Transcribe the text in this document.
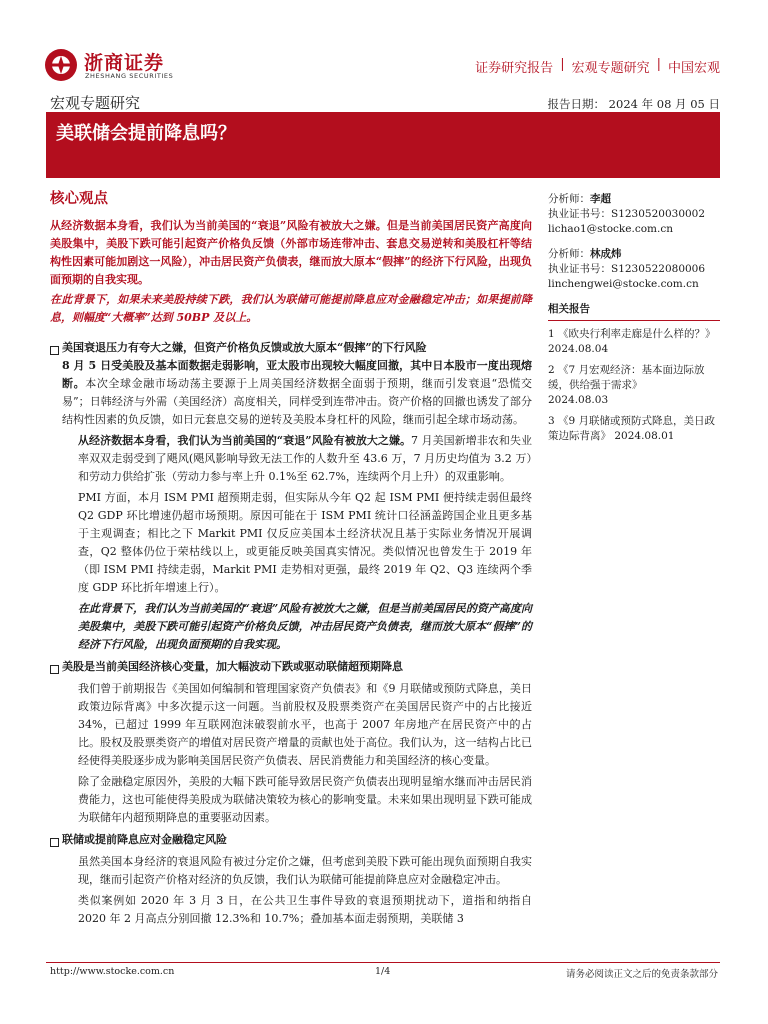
浙商证券
ZHESHANG SECURITIES	证券研究报告 | 宏观专题研究 | 中国宏观
宏观专题研究	报告日期： 2024 年 08 月 05 日
美联储会提前降息吗？
核心观点

从经济数据本身看，我们认为当前美国的“衰退”风险有被放大之嫌。但是当前美国居民资产高度向美股集中，美股下跌可能引起资产价格负反馈（外部市场连带冲击、套息交易逆转和美股杠杆等结构性因素可能加剧这一风险），冲击居民资产负债表，继而放大原本“假摔”的经济下行风险，出现负面预期的自我实现。

在此背景下，如果未来美股持续下跌，我们认为联储可能提前降息应对金融稳定冲击；如果提前降息，则幅度“大概率”达到 50BP 及以上。

美国衰退压力有夸大之嫌，但资产价格负反馈或放大原本“假摔”的下行风险

8 月 5 日受美股及基本面数据走弱影响，亚太股市出现较大幅度回撤，其中日本股市一度出现熔断。本次全球金融市场动荡主要源于上周美国经济数据全面弱于预期，继而引发衰退“恐慌交易”；日韩经济与外需（美国经济）高度相关，同样受到连带冲击。资产价格的回撤也诱发了部分结构性因素的负反馈，如日元套息交易的逆转及美股本身杠杆的风险，继而引起全球市场动荡。

从经济数据本身看，我们认为当前美国的“衰退”风险有被放大之嫌。7 月美国新增非农和失业率双双走弱受到了飓风(飓风影响导致无法工作的人数升至 43.6 万，7 月历史均值为 3.2 万）和劳动力供给扩张（劳动力参与率上升 0.1%至 62.7%，连续两个月上升）的双重影响。

PMI 方面，本月 ISM PMI 超预期走弱，但实际从今年 Q2 起 ISM PMI 便持续走弱但最终 Q2 GDP 环比增速仍超市场预期。原因可能在于 ISM PMI 统计口径涵盖跨国企业且更多基于主观调查；相比之下 Markit PMI 仅反应美国本土经济状况且基于实际业务情况开展调查，Q2 整体仍位于荣枯线以上，或更能反映美国真实情况。类似情况也曾发生于 2019 年（即 ISM PMI 持续走弱，Markit PMI 走势相对更强，最终 2019 年 Q2、Q3 连续两个季度 GDP 环比折年增速上行）。

在此背景下，我们认为当前美国的“衰退”风险有被放大之嫌，但是当前美国居民的资产高度向美股集中，美股下跌可能引起资产价格负反馈，冲击居民资产负债表，继而放大原本“假摔”的经济下行风险，出现负面预期的自我实现。

美股是当前美国经济核心变量，加大幅波动下跌或驱动联储超预期降息

我们曾于前期报告《美国如何编制和管理国家资产负债表》和《9 月联储或预防式降息，美日政策边际背离》中多次提示这一问题。当前股权及股票类资产在美国居民资产中的占比接近 34%，已超过 1999 年互联网泡沫破裂前水平，也高于 2007 年房地产在居民资产中的占比。股权及股票类资产的增值对居民资产增量的贡献也处于高位。我们认为，这一结构占比已经使得美股逐步成为影响美国居民资产负债表、居民消费能力和美国经济的核心变量。

除了金融稳定原因外，美股的大幅下跌可能导致居民资产负债表出现明显缩水继而冲击居民消费能力，这也可能使得美股成为联储决策较为核心的影响变量。未来如果出现明显下跌可能成为联储年内超预期降息的重要驱动因素。

联储或提前降息应对金融稳定风险

虽然美国本身经济的衰退风险有被过分定价之嫌，但考虑到美股下跌可能出现负面预期自我实现，继而引起资产价格对经济的负反馈，我们认为联储可能提前降息应对金融稳定冲击。

类似案例如 2020 年 3 月 3 日，在公共卫生事件导致的衰退预期扰动下，道指和纳指自 2020 年 2 月高点分别回撤 12.3%和 10.7%；叠加基本面走弱预期，美联储 3

分析师：李超
执业证书号：S1230520030002
lichao1@stocke.com.cn
分析师：林成炜
执业证书号：S1230522080006
linchengwei@stocke.com.cn
相关报告
1 《欧央行利率走廊是什么样的？》 2024.08.04
2 《7 月宏观经济：基本面边际放缓，供给强于需求》
2024.08.03
3 《9 月联储或预防式降息，美日政策边际背离》 2024.08.01
http://www.stocke.com.cn	1/4	请务必阅读正文之后的免责条款部分
